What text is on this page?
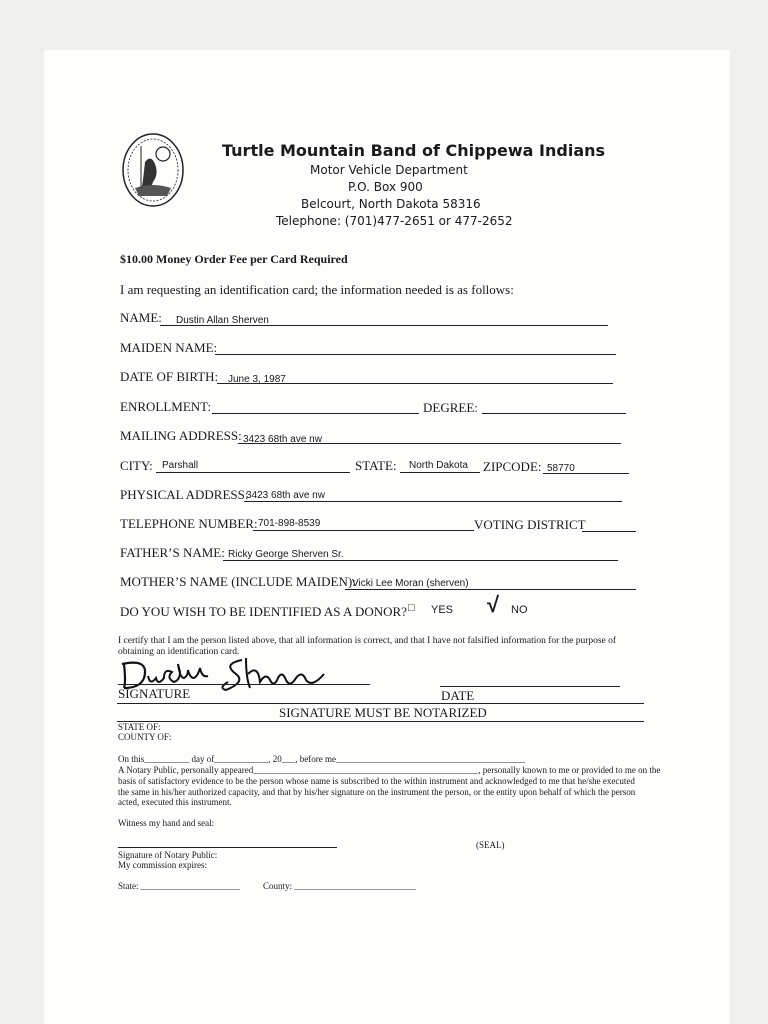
Turtle Mountain Band of Chippewa Indians
Motor Vehicle Department
P.O. Box 900
Belcourt, North Dakota 58316
Telephone: (701)477-2651 or 477-2652
$10.00 Money Order Fee per Card Required
I am requesting an identification card; the information needed is as follows:
NAME: Dustin Allan Sherven
MAIDEN NAME:
DATE OF BIRTH: June 3, 1987
ENROLLMENT:	DEGREE:
MAILING ADDRESS: 3423 68th ave nw
CITY: Parshall	STATE: North Dakota ZIPCODE: 58770
PHYSICAL ADDRESS:
3423 68th ave nw
TELEPHONE NUMBER: 701-898-8539	VOTING DISTRICT
FATHER’S NAME: Ricky George Sherven Sr.
MOTHER’S NAME (INCLUDE MAIDEN):
Vicki Lee Moran (sherven)
DO YOU WISH TO BE IDENTIFIED AS A DONOR? □ YES √ NO
I certify that I am the person listed above, that all information is correct, and that I have not falsified information for the purpose of obtaining an identification card.
SIGNATURE	DATE
SIGNATURE MUST BE NOTARIZED
STATE OF:
COUNTY OF:
On this__________ day of____________, 20___, before me__________________________________________
A Notary Public, personally appeared__________________________________________________, personally known to me or provided to me on the
basis of satisfactory evidence to be the person whose name is subscribed to the within instrument and acknowledged to me that he/she executed
the same in his/her authorized capacity, and that by his/her signature on the instrument the person, or the entity upon behalf of which the person
acted, executed this instrument.
Witness my hand and seal:
(SEAL)
Signature of Notary Public:
My commission expires:
State: ______________________	County: ___________________________
